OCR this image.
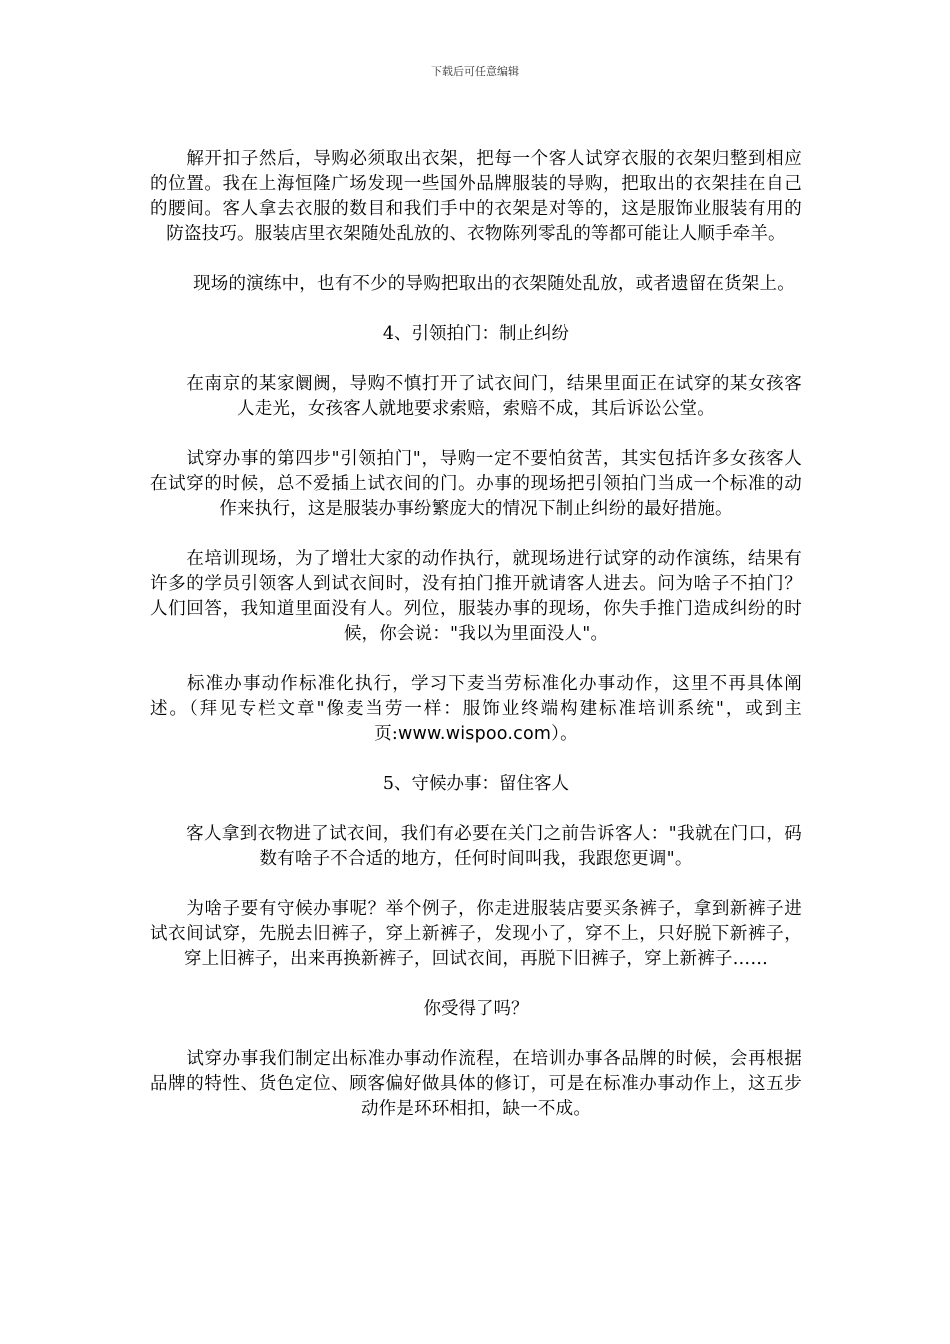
下载后可任意编辑

解开扣子然后，导购必须取出衣架，把每一个客人试穿衣服的衣架归整到相应的位置。我在上海恒隆广场发现一些国外品牌服装的导购，把取出的衣架挂在自己的腰间。客人拿去衣服的数目和我们手中的衣架是对等的，这是服饰业服装有用的防盗技巧。服装店里衣架随处乱放的、衣物陈列零乱的等都可能让人顺手牵羊。

现场的演练中，也有不少的导购把取出的衣架随处乱放，或者遗留在货架上。

4、引领拍门：制止纠纷

在南京的某家阛阓，导购不慎打开了试衣间门，结果里面正在试穿的某女孩客人走光，女孩客人就地要求索赔，索赔不成，其后诉讼公堂。

试穿办事的第四步"引领拍门"，导购一定不要怕贫苦，其实包括许多女孩客人在试穿的时候，总不爱插上试衣间的门。办事的现场把引领拍门当成一个标准的动作来执行，这是服装办事纷繁庞大的情况下制止纠纷的最好措施。

在培训现场，为了增壮大家的动作执行，就现场进行试穿的动作演练，结果有许多的学员引领客人到试衣间时，没有拍门推开就请客人进去。问为啥子不拍门？人们回答，我知道里面没有人。列位，服装办事的现场，你失手推门造成纠纷的时候，你会说："我以为里面没人"。

标准办事动作标准化执行，学习下麦当劳标准化办事动作，这里不再具体阐述。（拜见专栏文章"像麦当劳一样：服饰业终端构建标准培训系统"，或到主页:www.wispoo.com）。

5、守候办事：留住客人

客人拿到衣物进了试衣间，我们有必要在关门之前告诉客人："我就在门口，码数有啥子不合适的地方，任何时间叫我，我跟您更调"。

为啥子要有守候办事呢？举个例子，你走进服装店要买条裤子，拿到新裤子进试衣间试穿，先脱去旧裤子，穿上新裤子，发现小了，穿不上，只好脱下新裤子，穿上旧裤子，出来再换新裤子，回试衣间，再脱下旧裤子，穿上新裤子……

你受得了吗？

试穿办事我们制定出标准办事动作流程，在培训办事各品牌的时候，会再根据品牌的特性、货色定位、顾客偏好做具体的修订，可是在标准办事动作上，这五步动作是环环相扣，缺一不成。
